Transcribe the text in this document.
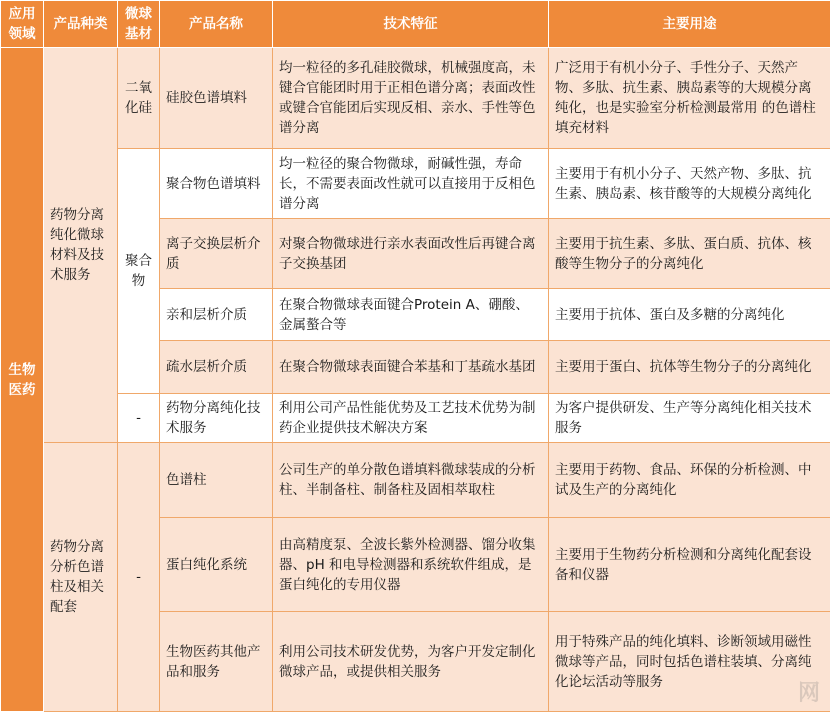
应用领域	产品种类	微球基材	产品名称	技术特征	主要用途
生物医药	药物分离纯化微球材料及技术服务	二氧化硅	硅胶色谱填料	均一粒径的多孔硅胶微球，机械强度高，未键合官能团时用于正相色谱分离；表面改性或键合官能团后实现反相、亲水、手性等色谱分离	广泛用于有机小分子、手性分子、天然产物、多肽、抗生素、胰岛素等的大规模分离纯化，也是实验室分析检测最常用 的色谱柱填充材料
		聚合物	聚合物色谱填料	均一粒径的聚合物微球，耐碱性强，寿命长，不需要表面改性就可以直接用于反相色谱分离	主要用于有机小分子、天然产物、多肽、抗生素、胰岛素、核苷酸等的大规模分离纯化
			离子交换层析介质	对聚合物微球进行亲水表面改性后再键合离子交换基团	主要用于抗生素、多肽、蛋白质、抗体、核酸等生物分子的分离纯化
			亲和层析介质	在聚合物微球表面键合Protein A、硼酸、金属螯合等	主要用于抗体、蛋白及多糖的分离纯化
			疏水层析介质	在聚合物微球表面键合苯基和丁基疏水基团	主要用于蛋白、抗体等生物分子的分离纯化
		-	药物分离纯化技术服务	利用公司产品性能优势及工艺技术优势为制药企业提供技术解决方案	为客户提供研发、生产等分离纯化相关技术服务
	药物分离分析色谱柱及相关配套	-	色谱柱	公司生产的单分散色谱填料微球装成的分析柱、半制备柱、制备柱及固相萃取柱	主要用于药物、食品、环保的分析检测、中试及生产的分离纯化
			蛋白纯化系统	由高精度泵、全波长紫外检测器、馏分收集器、pH 和电导检测器和系统软件组成，是蛋白纯化的专用仪器	主要用于生物药分析检测和分离纯化配套设备和仪器
			生物医药其他产品和服务	利用公司技术研发优势，为客户开发定制化微球产品，或提供相关服务	用于特殊产品的纯化填料、诊断领域用磁性微球等产品，同时包括色谱柱装填、分离纯化论坛活动等服务
网
